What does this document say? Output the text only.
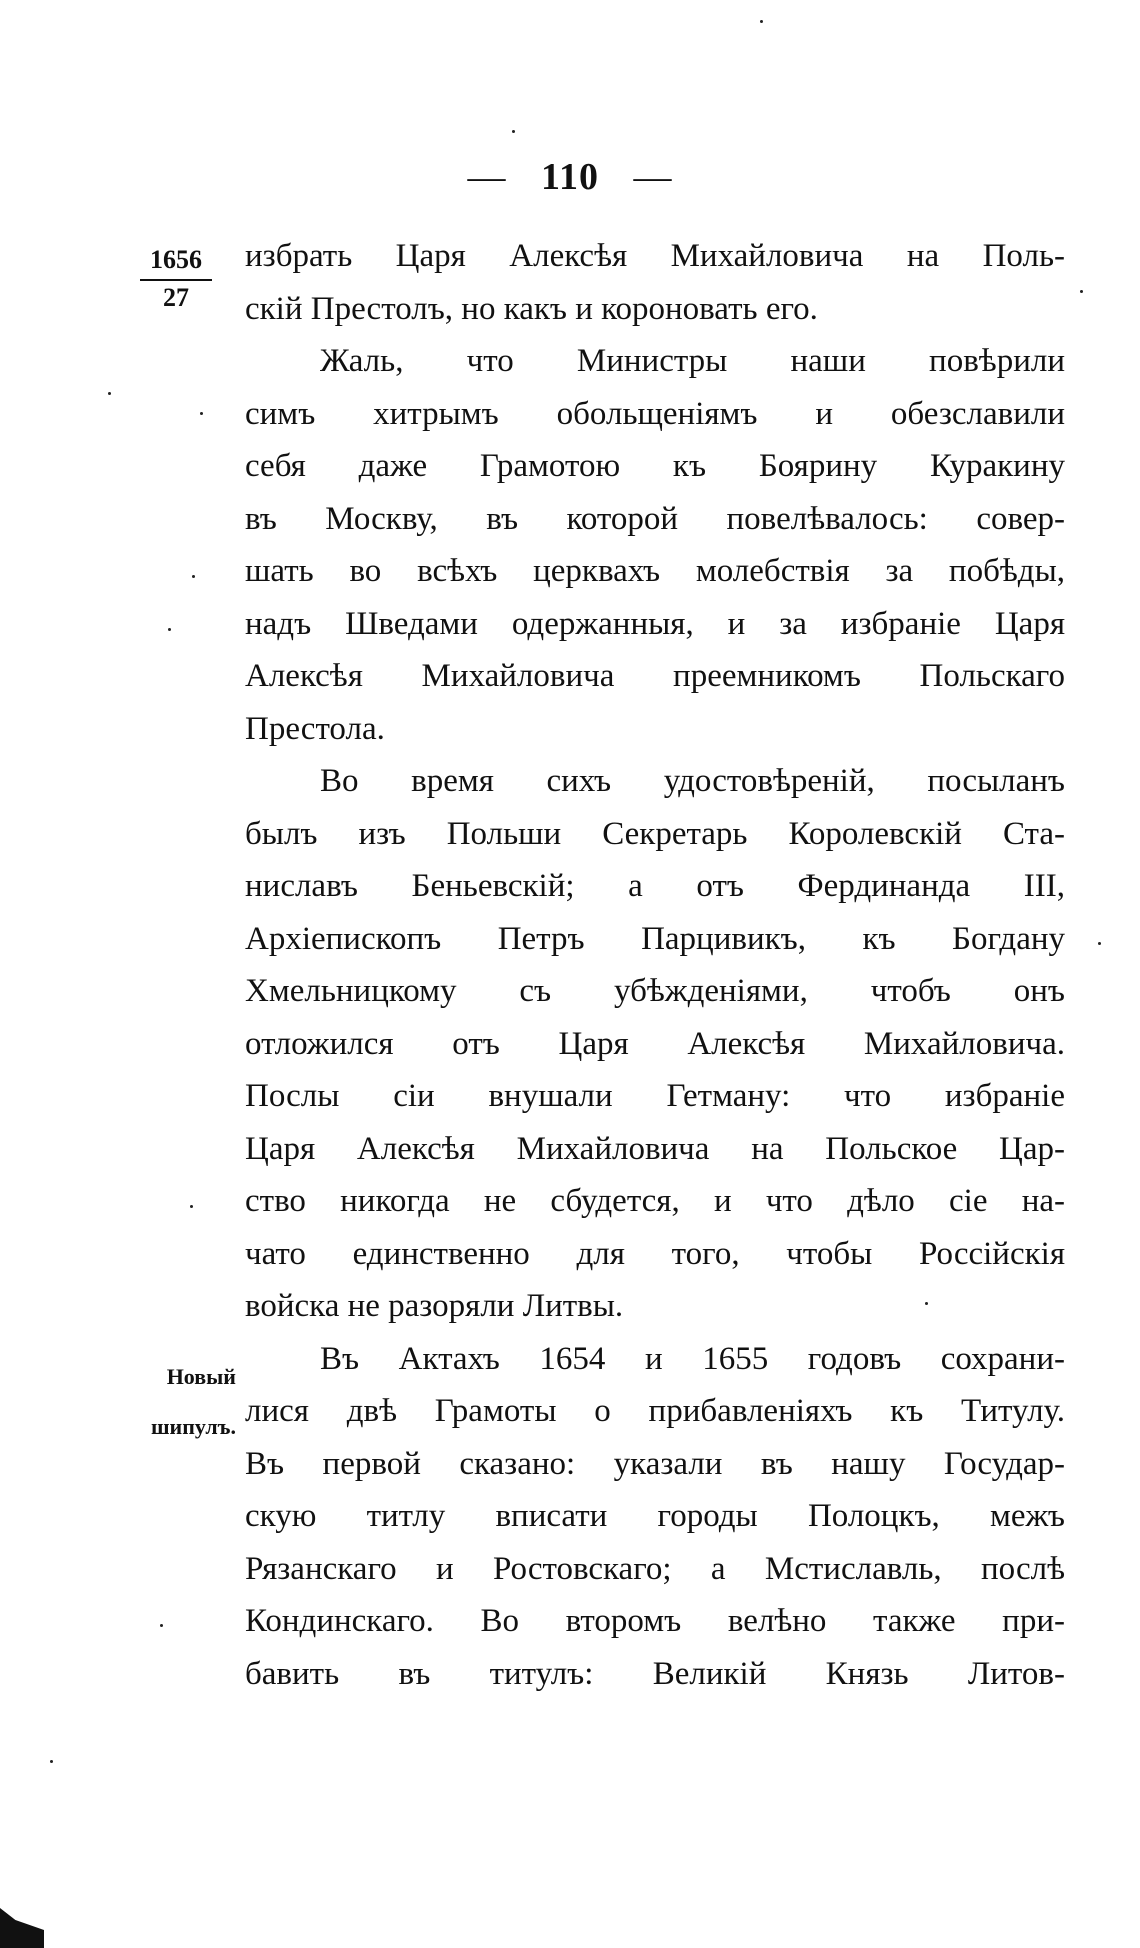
— 110 —
1656
27
Новый
шипулъ.
избрать Царя Алексѣя Михайловича на Поль-
скій Престолъ, но какъ и короновать его.
Жаль, что Министры наши повѣрили
симъ хитрымъ обольщеніямъ и обезславили
себя даже Грамотою къ Боярину Куракину
въ Москву, въ которой повелѣвалось: совер-
шать во всѣхъ церквахъ молебствія за побѣды,
надъ Шведами одержанныя, и за избраніе Царя
Алексѣя Михайловича преемникомъ Польскаго
Престола.
Во время сихъ удостовѣреній, посыланъ
былъ изъ Польши Секретарь Королевскій Ста-
ниславъ Беньевскій; а отъ Фердинанда III,
Архіепископъ Петръ Парцивикъ, къ Богдану
Хмельницкому съ убѣжденіями, чтобъ онъ
отложился отъ Царя Алексѣя Михайловича.
Послы сіи внушали Гетману: что избраніе
Царя Алексѣя Михайловича на Польское Цар-
ство никогда не сбудется, и что дѣло сіе на-
чато единственно для того, чтобы Россійскія
войска не разоряли Литвы.
Въ Актахъ 1654 и 1655 годовъ сохрани-
лися двѣ Грамоты о прибавленіяхъ къ Титулу.
Въ первой сказано: указали въ нашу Государ-
скую титлу вписати городы Полоцкъ, межъ
Рязанскаго и Ростовскаго; а Мстиславль, послѣ
Кондинскаго. Во второмъ велѣно также при-
бавить въ титулъ: Великій Князь Литов-
